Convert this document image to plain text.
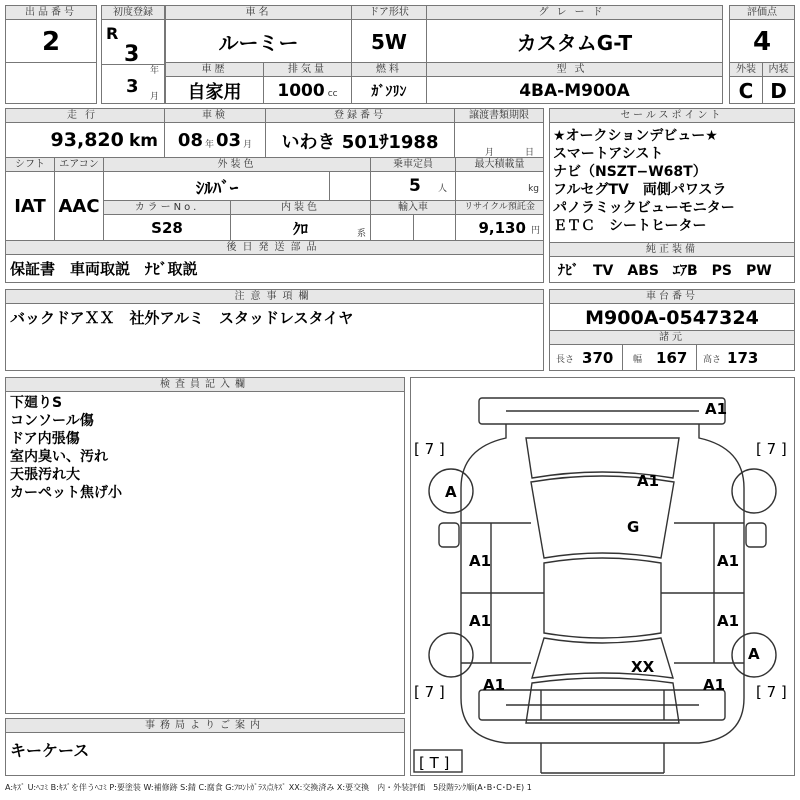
出品番号
2
初度登録
R
3
年
3 月
車名
ルーミー
ドア形状
5W
グレード
カスタムG-T
評価点
4
車歴
自家用
排気量
1000 cc
燃料
ｶﾞｿﾘﾝ
型式
4BA-M900A
外装
C
内装
D
走行
93,820 km
車検
08 年 03 月
登録番号
いわき 501ｻ1988
譲渡書類期限
月	日
セールスポイント
★オークションデビュー★
スマートアシスト
ナビ（NSZT−W68T）
フルセグTV　両側パワスラ
パノラミックビューモニター
ＥＴＣ　シートヒーター
シフト
IAT
エアコン
AAC
外装色
ｼﾙﾊﾞｰ
乗車定員
5 人
最大積載量
kg
カラーNo.
S28
内装色
ｸﾛ	系
輸入車	リサイクル預託金
9,130 円
後日発送部品
保証書　車両取説　ﾅﾋﾞ取説
純正装備
ﾅﾋﾞ　TV　ABS　ｴｱB　PS　PW
注意事項欄
バックドアＸＸ　社外アルミ　スタッドレスタイヤ
車台番号
M900A-0547324
諸元
長さ 370	幅 167	高さ 173
検査員記入欄
下廻りS
コンソール傷
ドア内張傷
室内臭い、汚れ
天張汚れ大
カーペット焦げ小
事務局よりご案内
キーケース
A1
A1
G
A1	A1
A1	A1
XX
A1	A1
A
A
[ 7 ]	[ 7 ]
[ 7 ]	[ 7 ]
[ T ]
A:ｷｽﾞ U:ﾍｺﾐ B:ｷｽﾞを伴うﾍｺﾐ P:要塗装 W:補修跡 S:錆 C:腐食 G:ﾌﾛﾝﾄｶﾞﾗｽ点ｷｽﾞ XX:交換済み X:要交換　内・外装評価　5段階ﾗﾝｸ順(A･B･C･D･E) 1
